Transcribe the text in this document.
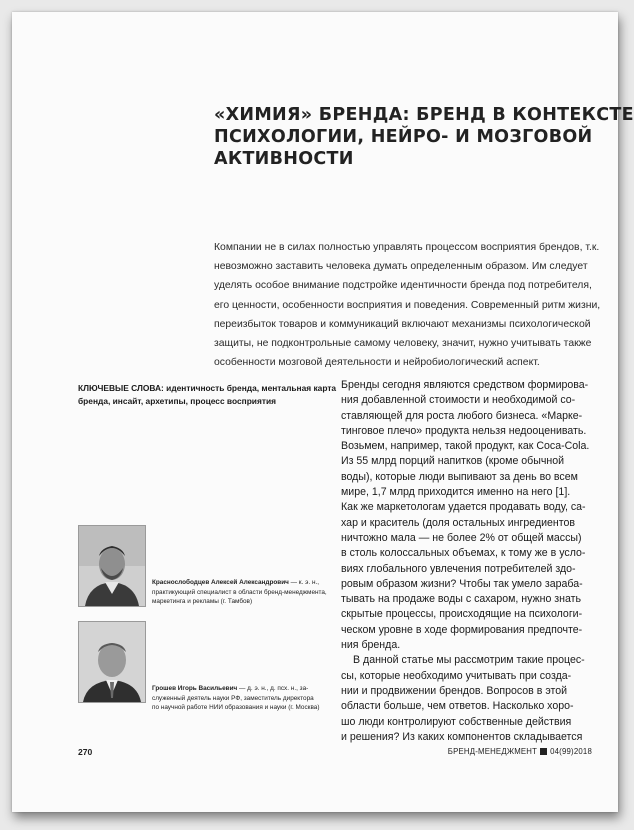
«ХИМИЯ» БРЕНДА: БРЕНД В КОНТЕКСТЕ
ПСИХОЛОГИИ, НЕЙРО- И МОЗГОВОЙ
АКТИВНОСТИ

Компании не в силах полностью управлять процессом восприятия брендов, т.к.
невозможно заставить человека думать определенным образом. Им следует
уделять особое внимание подстройке идентичности бренда под потребителя,
его ценности, особенности восприятия и поведения. Современный ритм жизни,
переизбыток товаров и коммуникаций включают механизмы психологической
защиты, не подконтрольные самому человеку, значит, нужно учитывать также
особенности мозговой деятельности и нейробиологический аспект.

КЛЮЧЕВЫЕ СЛОВА: идентичность бренда, ментальная карта
бренда, инсайт, архетипы, процесс восприятия

Краснослободцев Алексей Александрович — к. э. н.,
практикующий специалист в области бренд-менеджмента,
маркетинга и рекламы (г. Тамбов)

Грошев Игорь Васильевич — д. э. н., д. псх. н., за-
служенный деятель науки РФ, заместитель директора
по научной работе НИИ образования и науки (г. Москва)

Бренды сегодня являются средством формирова-
ния добавленной стоимости и необходимой со-
ставляющей для роста любого бизнеса. «Марке-
тинговое плечо» продукта нельзя недооценивать.
Возьмем, например, такой продукт, как Coca-Cola.
Из 55 млрд порций напитков (кроме обычной
воды), которые люди выпивают за день во всем
мире, 1,7 млрд приходится именно на него [1].
Как же маркетологам удается продавать воду, са-
хар и краситель (доля остальных ингредиентов
ничтожно мала — не более 2% от общей массы)
в столь колоссальных объемах, к тому же в усло-
виях глобального увлечения потребителей здо-
ровым образом жизни? Чтобы так умело зараба-
тывать на продаже воды с сахаром, нужно знать
скрытые процессы, происходящие на психологи-
ческом уровне в ходе формирования предпочте-
ния бренда.
В данной статье мы рассмотрим такие процес-
сы, которые необходимо учитывать при созда-
нии и продвижении брендов. Вопросов в этой
области больше, чем ответов. Насколько хоро-
шо люди контролируют собственные действия
и решения? Из каких компонентов складывается

270	БРЕНД-МЕНЕДЖМЕНТ 04(99)2018
